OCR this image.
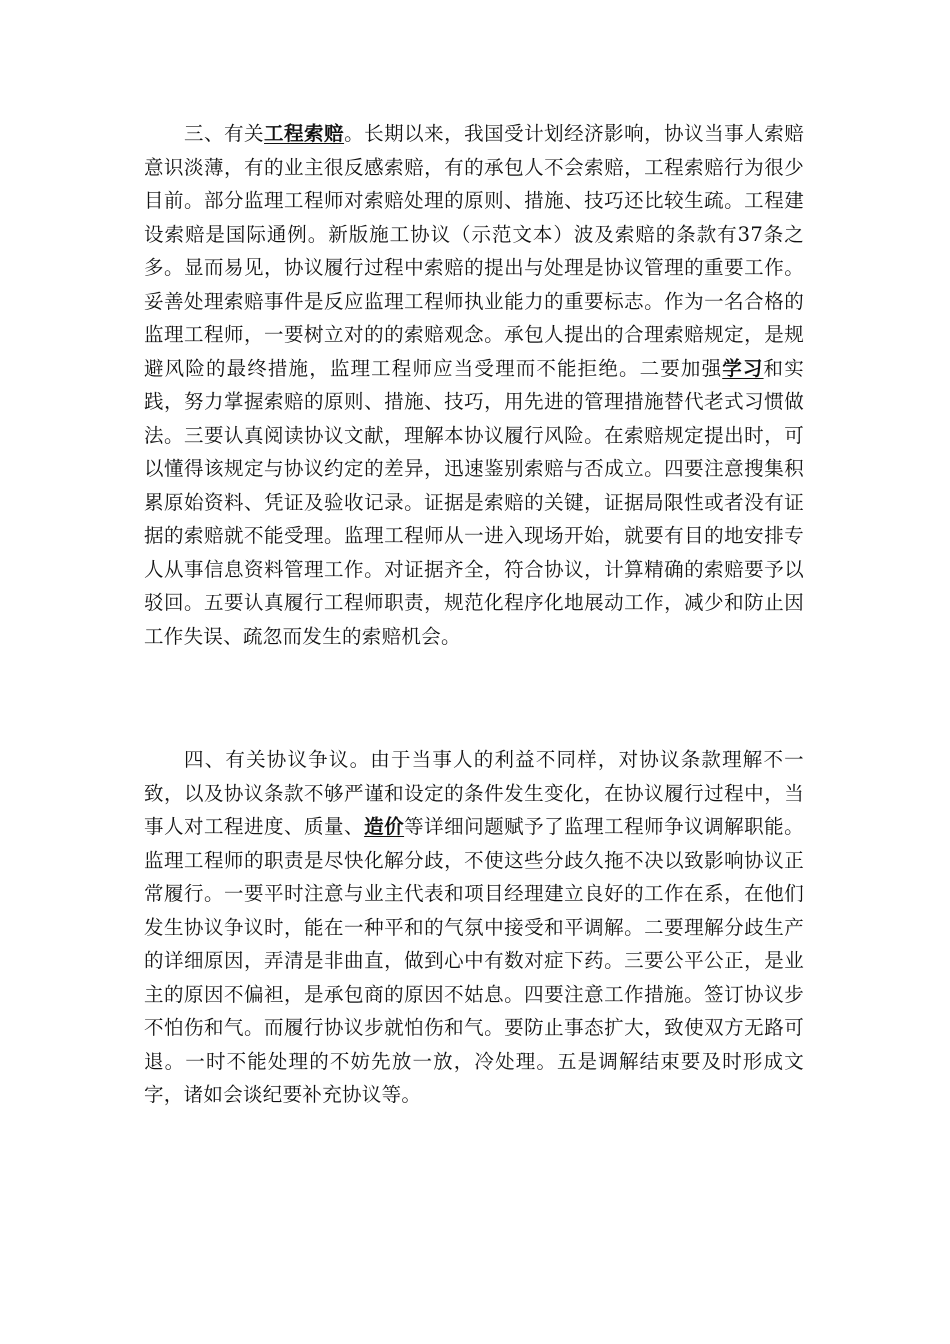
三、有关工程索赔。长期以来，我国受计划经济影响，协议当事人索赔意识淡薄，有的业主很反感索赔，有的承包人不会索赔，工程索赔行为很少目前。部分监理工程师对索赔处理的原则、措施、技巧还比较生疏。工程建设索赔是国际通例。新版施工协议（示范文本）波及索赔的条款有37条之多。显而易见，协议履行过程中索赔的提出与处理是协议管理的重要工作。妥善处理索赔事件是反应监理工程师执业能力的重要标志。作为一名合格的监理工程师，一要树立对的的索赔观念。承包人提出的合理索赔规定，是规避风险的最终措施，监理工程师应当受理而不能拒绝。二要加强学习和实践，努力掌握索赔的原则、措施、技巧，用先进的管理措施替代老式习惯做法。三要认真阅读协议文献，理解本协议履行风险。在索赔规定提出时，可以懂得该规定与协议约定的差异，迅速鉴别索赔与否成立。四要注意搜集积累原始资料、凭证及验收记录。证据是索赔的关键，证据局限性或者没有证据的索赔就不能受理。监理工程师从一进入现场开始，就要有目的地安排专人从事信息资料管理工作。对证据齐全，符合协议，计算精确的索赔要予以驳回。五要认真履行工程师职责，规范化程序化地展动工作，减少和防止因工作失误、疏忽而发生的索赔机会。

四、有关协议争议。由于当事人的利益不同样，对协议条款理解不一致，以及协议条款不够严谨和设定的条件发生变化，在协议履行过程中，当事人对工程进度、质量、造价等详细问题赋予了监理工程师争议调解职能。监理工程师的职责是尽快化解分歧，不使这些分歧久拖不决以致影响协议正常履行。一要平时注意与业主代表和项目经理建立良好的工作在系，在他们发生协议争议时，能在一种平和的气氛中接受和平调解。二要理解分歧生产的详细原因，弄清是非曲直，做到心中有数对症下药。三要公平公正，是业主的原因不偏袒，是承包商的原因不姑息。四要注意工作措施。签订协议步不怕伤和气。而履行协议步就怕伤和气。要防止事态扩大，致使双方无路可退。一时不能处理的不妨先放一放，冷处理。五是调解结束要及时形成文字，诸如会谈纪要补充协议等。
